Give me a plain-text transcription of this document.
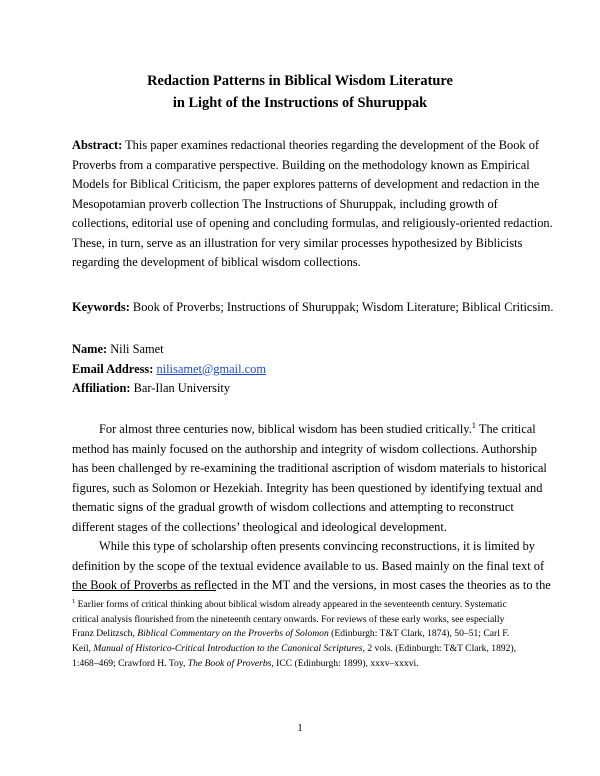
Redaction Patterns in Biblical Wisdom Literature
in Light of the Instructions of Shuruppak
Abstract: This paper examines redactional theories regarding the development of the Book of
Proverbs from a comparative perspective. Building on the methodology known as Empirical
Models for Biblical Criticism, the paper explores patterns of development and redaction in the
Mesopotamian proverb collection The Instructions of Shuruppak, including growth of
collections, editorial use of opening and concluding formulas, and religiously-oriented redaction.
These, in turn, serve as an illustration for very similar processes hypothesized by Biblicists
regarding the development of biblical wisdom collections.
Keywords: Book of Proverbs; Instructions of Shuruppak; Wisdom Literature; Biblical Criticsim.
Name: Nili Samet
Email Address: nilisamet@gmail.com
Affiliation: Bar-Ilan University
For almost three centuries now, biblical wisdom has been studied critically.$^1$ The critical
method has mainly focused on the authorship and integrity of wisdom collections. Authorship
has been challenged by re-examining the traditional ascription of wisdom materials to historical
figures, such as Solomon or Hezekiah. Integrity has been questioned by identifying textual and
thematic signs of the gradual growth of wisdom collections and attempting to reconstruct
different stages of the collections’ theological and ideological development.
While this type of scholarship often presents convincing reconstructions, it is limited by
definition by the scope of the textual evidence available to us. Based mainly on the final text of
the Book of Proverbs as reflected in the MT and the versions, in most cases the theories as to the
$^1$ Earlier forms of critical thinking about biblical wisdom already appeared in the seventeenth century. Systematic
critical analysis flourished from the nineteenth centary onwards. For reviews of these early works, see especially
Franz Delitzsch, Biblical Commentary on the Proverbs of Solomon (Edinburgh: T&T Clark, 1874), 50–51; Carl F.
Keil, Manual of Historico-Critical Introduction to the Canonical Scriptures, 2 vols. (Edinburgh: T&T Clark, 1892),
1:468–469; Crawford H. Toy, The Book of Proverbs, ICC (Edinburgh: 1899), xxxv–xxxvi.
1
